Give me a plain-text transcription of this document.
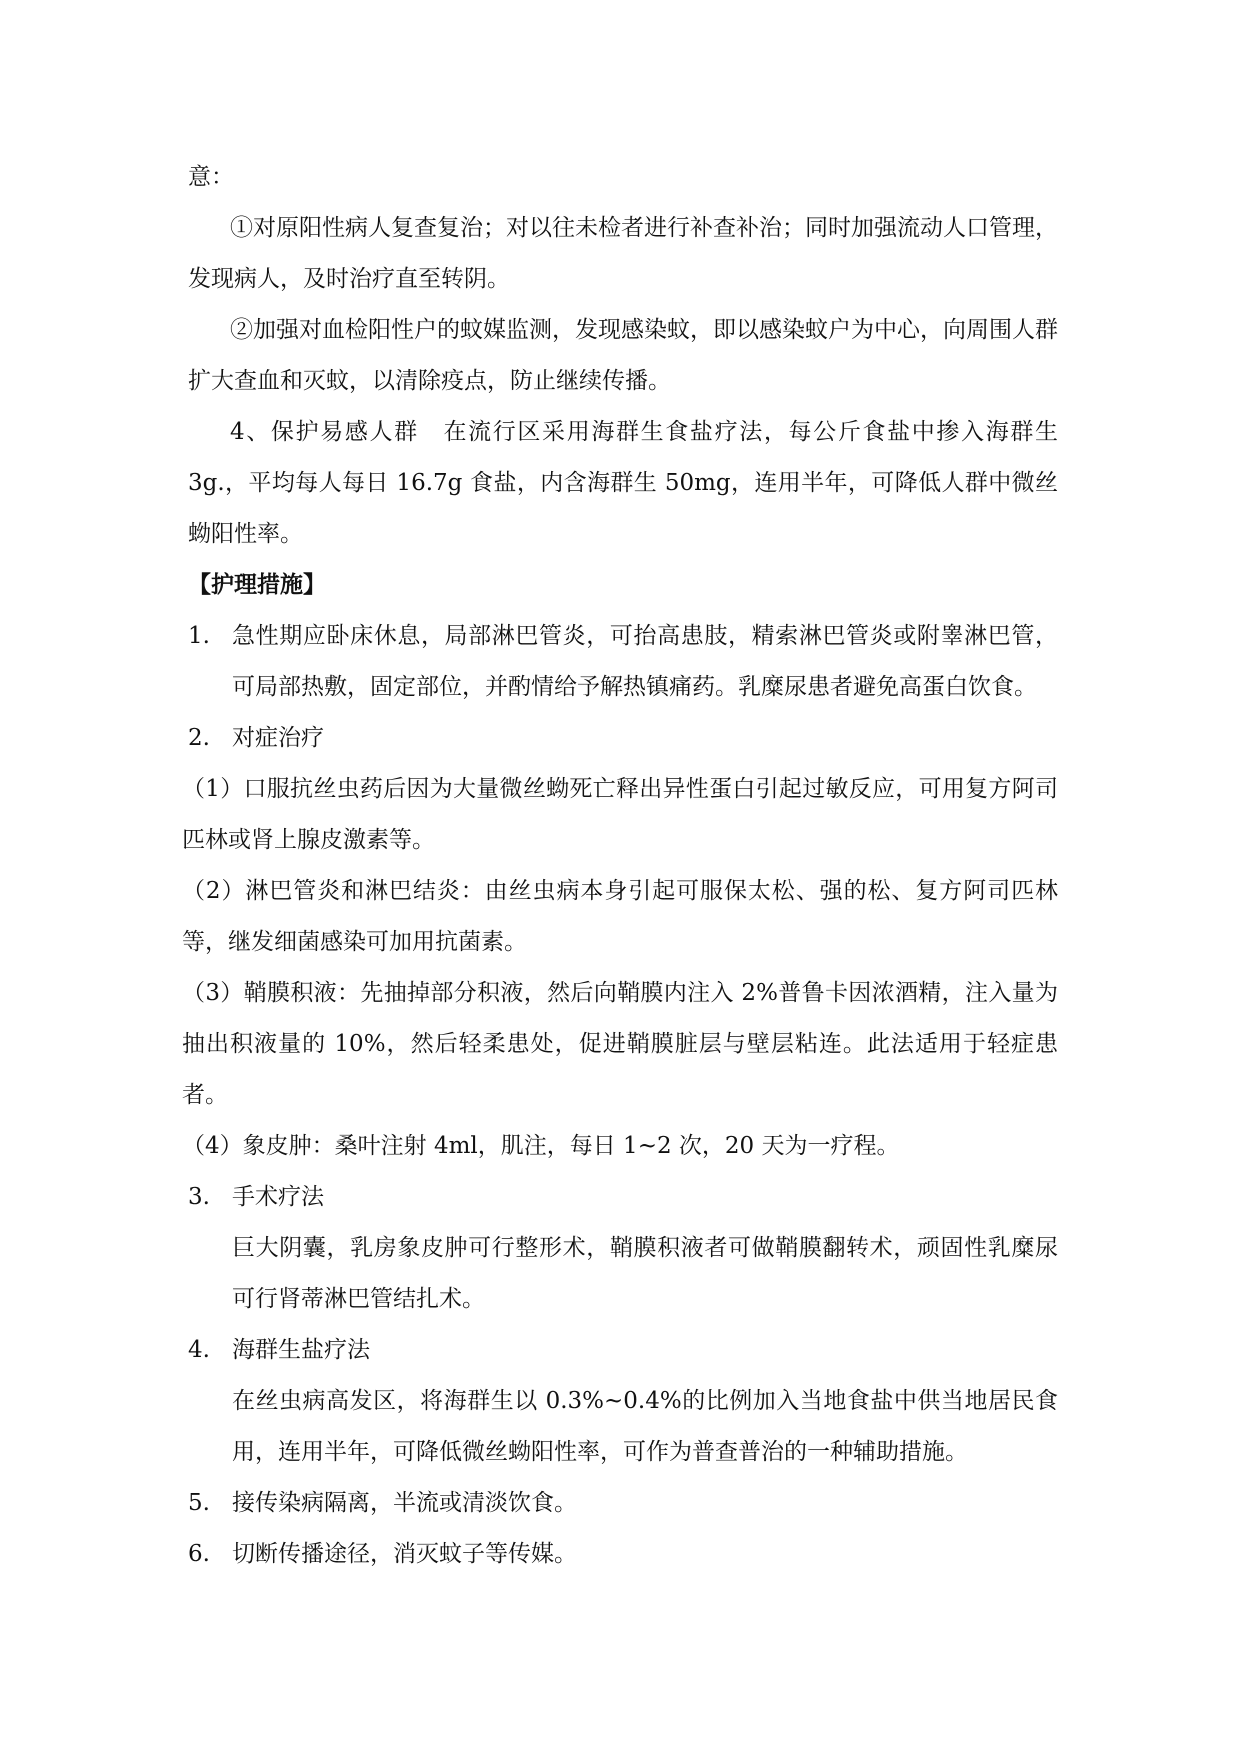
意：

①对原阳性病人复查复治；对以往未检者进行补查补治；同时加强流动人口管理，发现病人，及时治疗直至转阴。

②加强对血检阳性户的蚊媒监测，发现感染蚊，即以感染蚊户为中心，向周围人群扩大查血和灭蚊，以清除疫点，防止继续传播。

4、保护易感人群　在流行区采用海群生食盐疗法，每公斤食盐中掺入海群生3g.，平均每人每日 16.7g 食盐，内含海群生 50mg，连用半年，可降低人群中微丝蚴阳性率。

【护理措施】

1. 急性期应卧床休息，局部淋巴管炎，可抬高患肢，精索淋巴管炎或附睾淋巴管，可局部热敷，固定部位，并酌情给予解热镇痛药。乳糜尿患者避免高蛋白饮食。

2. 对症治疗

（1）口服抗丝虫药后因为大量微丝蚴死亡释出异性蛋白引起过敏反应，可用复方阿司匹林或肾上腺皮激素等。

（2）淋巴管炎和淋巴结炎：由丝虫病本身引起可服保太松、强的松、复方阿司匹林等，继发细菌感染可加用抗菌素。

（3）鞘膜积液：先抽掉部分积液，然后向鞘膜内注入 2%普鲁卡因浓酒精，注入量为抽出积液量的 10%，然后轻柔患处，促进鞘膜脏层与壁层粘连。此法适用于轻症患者。

（4）象皮肿：桑叶注射 4ml，肌注，每日 1~2 次，20 天为一疗程。

3. 手术疗法

巨大阴囊，乳房象皮肿可行整形术，鞘膜积液者可做鞘膜翻转术，顽固性乳糜尿可行肾蒂淋巴管结扎术。

4. 海群生盐疗法

在丝虫病高发区，将海群生以 0.3%~0.4%的比例加入当地食盐中供当地居民食用，连用半年，可降低微丝蚴阳性率，可作为普查普治的一种辅助措施。

5. 接传染病隔离，半流或清淡饮食。

6. 切断传播途径，消灭蚊子等传媒。
